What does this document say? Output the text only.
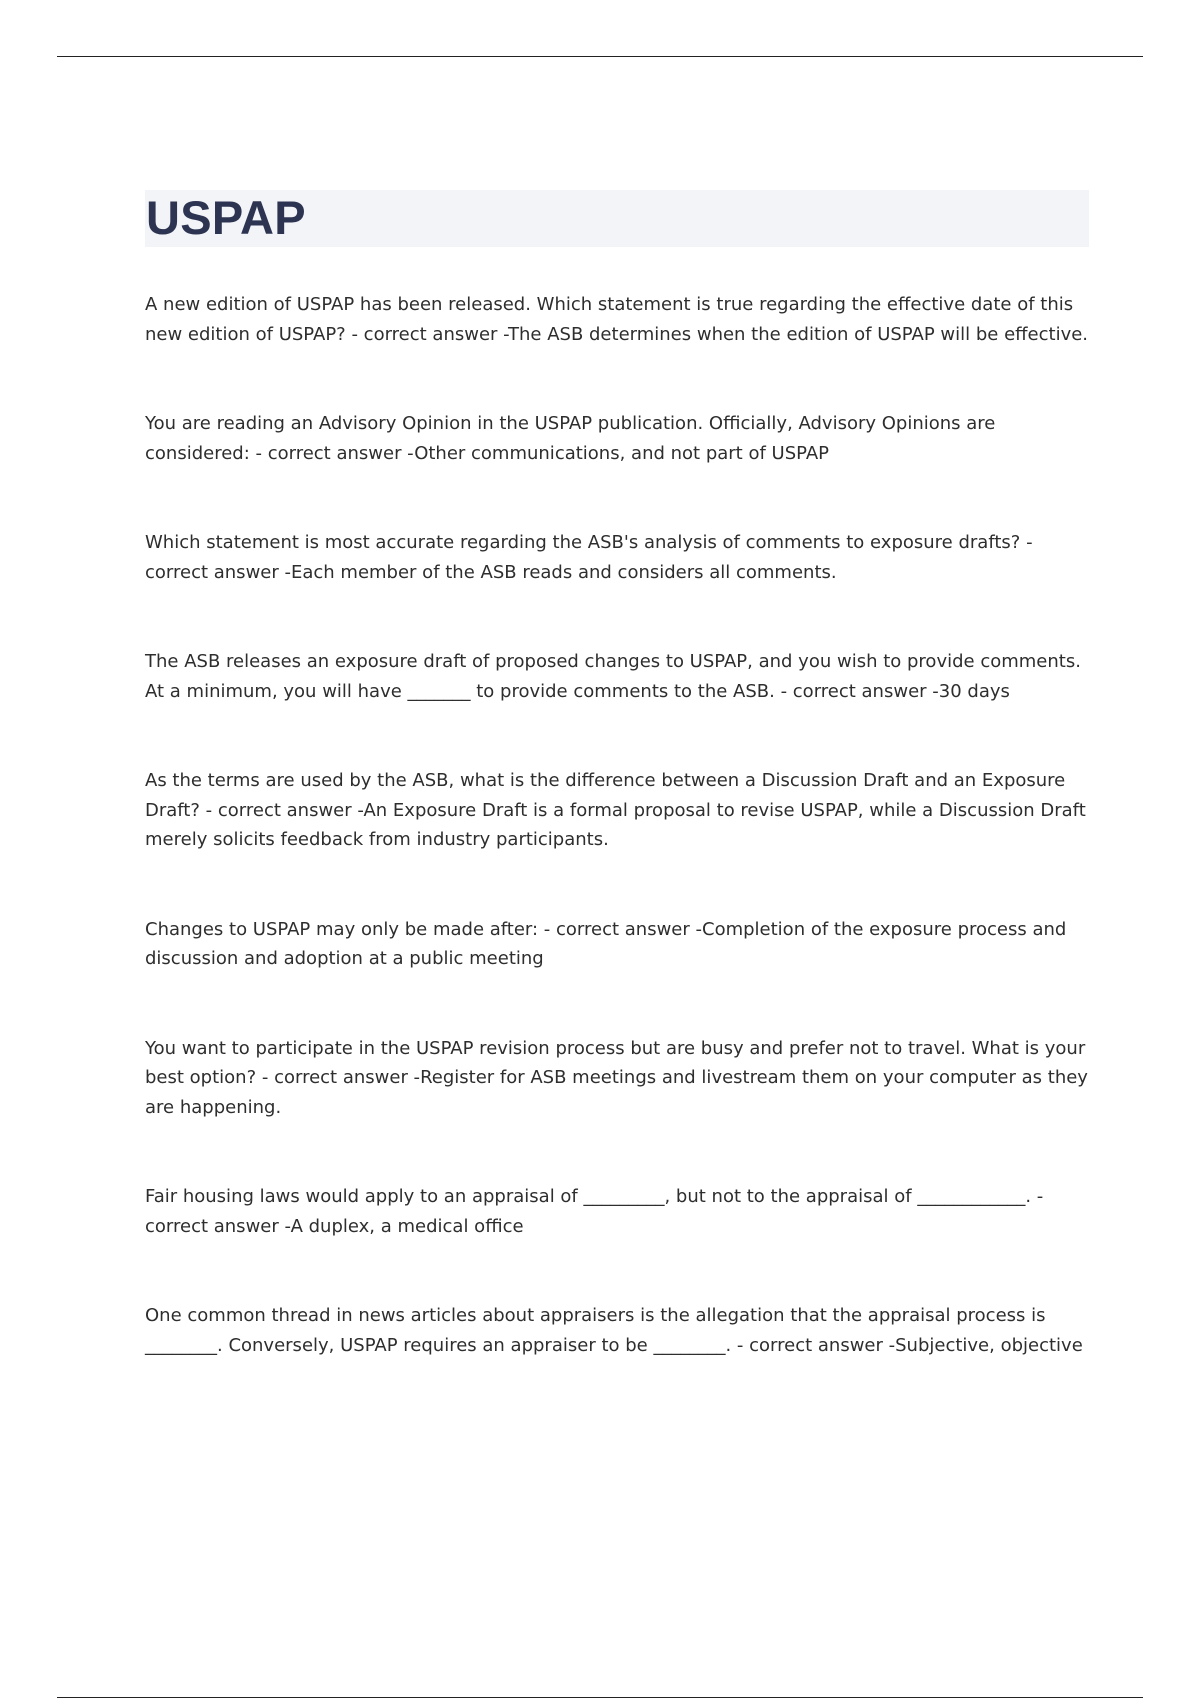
USPAP

A new edition of USPAP has been released. Which statement is true regarding the effective date of this new edition of USPAP? - correct answer -The ASB determines when the edition of USPAP will be effective.

You are reading an Advisory Opinion in the USPAP publication. Officially, Advisory Opinions are considered: - correct answer -Other communications, and not part of USPAP

Which statement is most accurate regarding the ASB's analysis of comments to exposure drafts? - correct answer -Each member of the ASB reads and considers all comments.

The ASB releases an exposure draft of proposed changes to USPAP, and you wish to provide comments. At a minimum, you will have _______ to provide comments to the ASB. - correct answer -30 days

As the terms are used by the ASB, what is the difference between a Discussion Draft and an Exposure Draft? - correct answer -An Exposure Draft is a formal proposal to revise USPAP, while a Discussion Draft merely solicits feedback from industry participants.

Changes to USPAP may only be made after: - correct answer -Completion of the exposure process and discussion and adoption at a public meeting

You want to participate in the USPAP revision process but are busy and prefer not to travel. What is your best option? - correct answer -Register for ASB meetings and livestream them on your computer as they are happening.

Fair housing laws would apply to an appraisal of _________, but not to the appraisal of ____________. - correct answer -A duplex, a medical office

One common thread in news articles about appraisers is the allegation that the appraisal process is ________. Conversely, USPAP requires an appraiser to be ________. - correct answer -Subjective, objective
